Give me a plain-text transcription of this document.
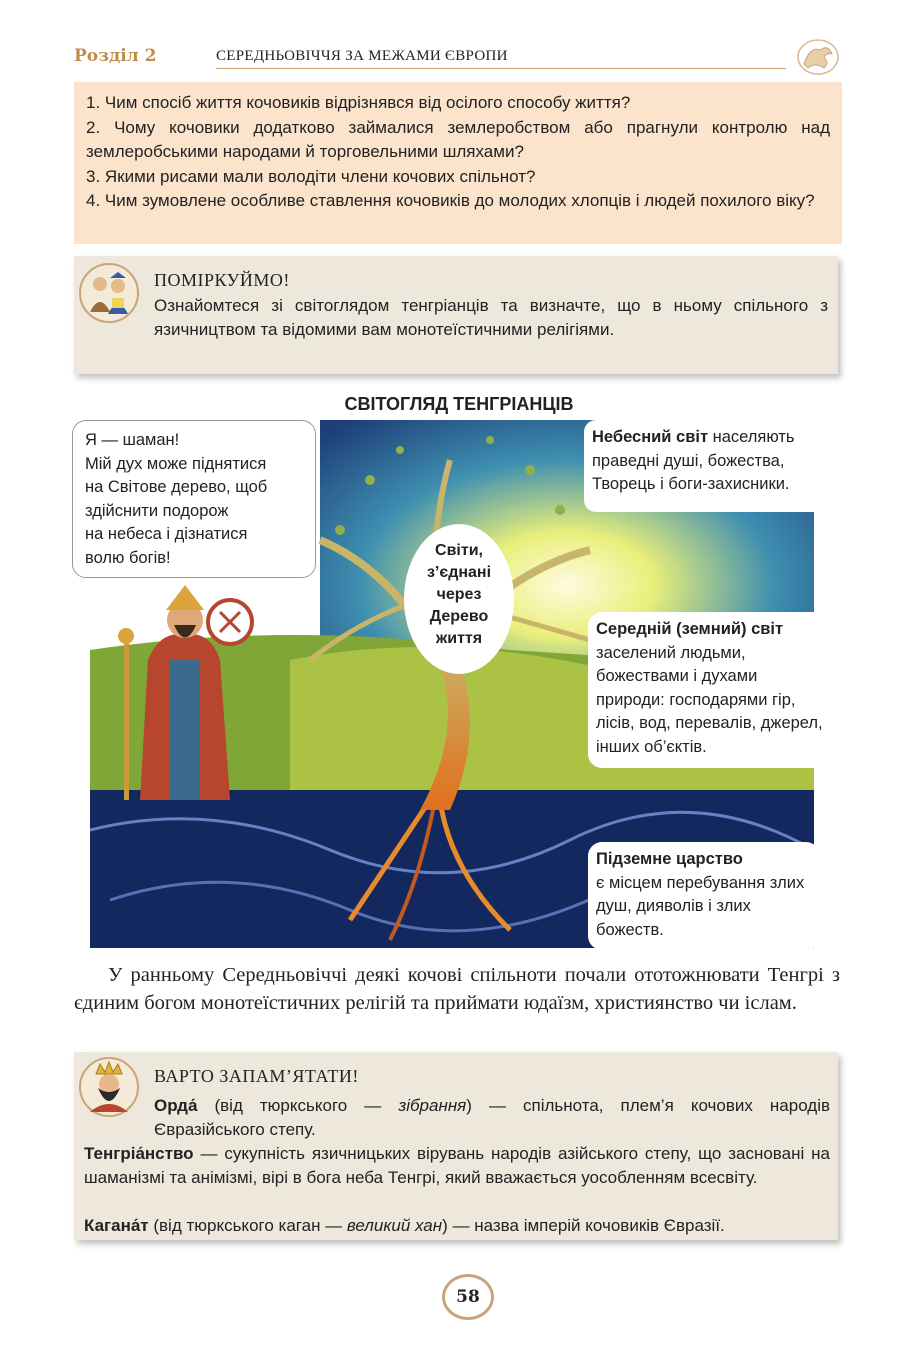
Розділ 2	СЕРЕДНЬОВІЧЧЯ ЗА МЕЖАМИ ЄВРОПИ

1. Чим спосіб життя кочовиків відрізнявся від осілого способу життя?

2. Чому кочовики додатково займалися землеробством або прагнули контролю над землеробськими народами й торговельними шляхами?

3. Якими рисами мали володіти члени кочових спільнот?

4. Чим зумовлене особливе ставлення кочовиків до молодих хлопців і людей похилого віку?

ПОМІРКУЙМО!
Ознайомтеся зі світоглядом тенгріанців та визначте, що в ньому спільного з язичництвом та відомими вам монотеїстичними релігіями.
СВІТОГЛЯД ТЕНГРІАНЦІВ
Я — шаман!
Мій дух може піднятися
на Світове дерево, щоб
здійснити подорож
на небеса і дізнатися
волю богів!	Світи,
з’єднані
через
Дерево
життя
Небесний світ населяють праведні душі, божества, Творець і боги-захисники.
Середній (земний) світ
заселений людьми, божествами і духами природи: господарями гір, лісів, вод, перевалів, джерел, інших об’єктів.
Підземне царство
є місцем перебування злих душ, дияволів і злих божеств.

У ранньому Середньовіччі деякі кочові спільноти почали ототожнювати Тенгрі з єдиним богом монотеїстичних релігій та приймати юдаїзм, християнство чи іслам.

ВАРТО ЗАПАМ’ЯТАТИ!

Орда́ (від тюркського — зібрання) — спільнота, плем’я кочових народів Євразійського степу.

Тенгріа́нство — сукупність язичницьких вірувань народів азійського степу, що засновані на шаманізмі та анімізмі, вірі в бога неба Тенгрі, який вважається уособленням всесвіту.

Кагана́т (від тюркського каган — великий хан) — назва імперій кочовиків Євразії.

58
